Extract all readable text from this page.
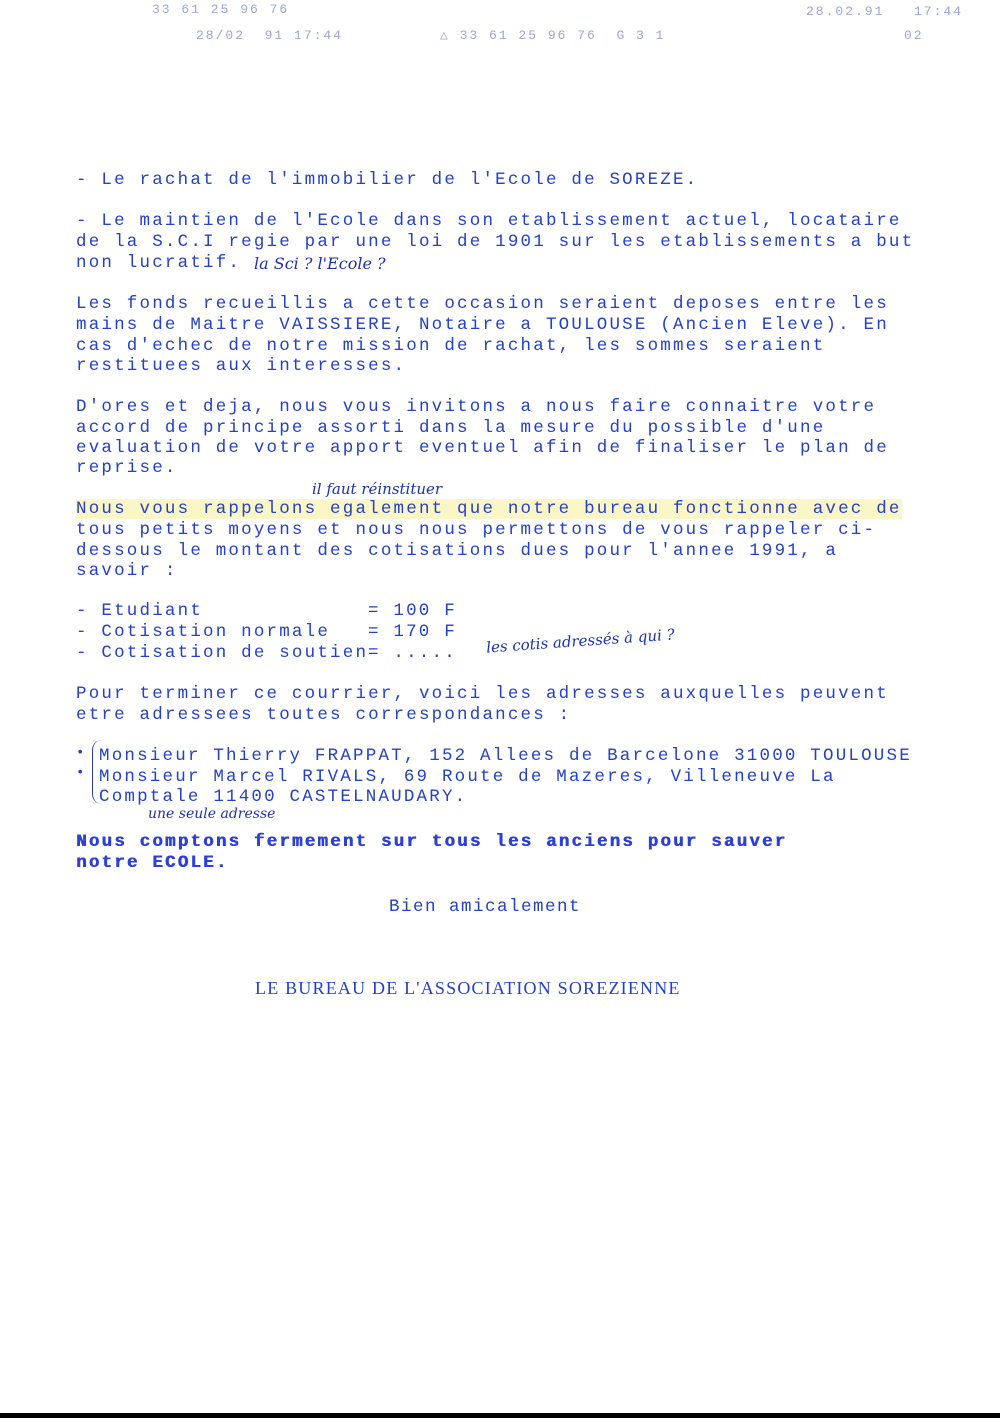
33 61 25 96 76	28.02.91 17:44
28/02  91 17:44	△ 33 61 25 96 76  G 3 1	02
- Le rachat de l'immobilier de l'Ecole de SOREZE.
- Le maintien de l'Ecole dans son etablissement actuel, locataire
de la S.C.I regie par une loi de 1901 sur les etablissements a but
non lucratif. la Sci ? l'Ecole ?
Les fonds recueillis a cette occasion seraient deposes entre les
mains de Maitre VAISSIERE, Notaire a TOULOUSE (Ancien Eleve). En
cas d'echec de notre mission de rachat, les sommes seraient
restituees aux interesses.
D'ores et deja, nous vous invitons a nous faire connaitre votre
accord de principe assorti dans la mesure du possible d'une
evaluation de votre apport eventuel afin de finaliser le plan de
reprise.
il faut réinstituer
Nous vous rappelons egalement que notre bureau fonctionne avec de
tous petits moyens et nous nous permettons de vous rappeler ci-
dessous le montant des cotisations dues pour l'annee 1991, a
savoir :
- Etudiant	= 100 F
- Cotisation normale	= 170 F
- Cotisation de soutien = .....	les cotis adressés à qui ?
Pour terminer ce courrier, voici les adresses auxquelles peuvent
etre adressees toutes correspondances :
• Monsieur Thierry FRAPPAT, 152 Allees de Barcelone 31000 TOULOUSE
• Monsieur Marcel RIVALS, 69 Route de Mazeres, Villeneuve La
Comptale 11400 CASTELNAUDARY.
une seule adresse
Nous comptons fermement sur tous les anciens pour sauver
notre ECOLE.
Bien amicalement
LE BUREAU DE L'ASSOCIATION SOREZIENNE
